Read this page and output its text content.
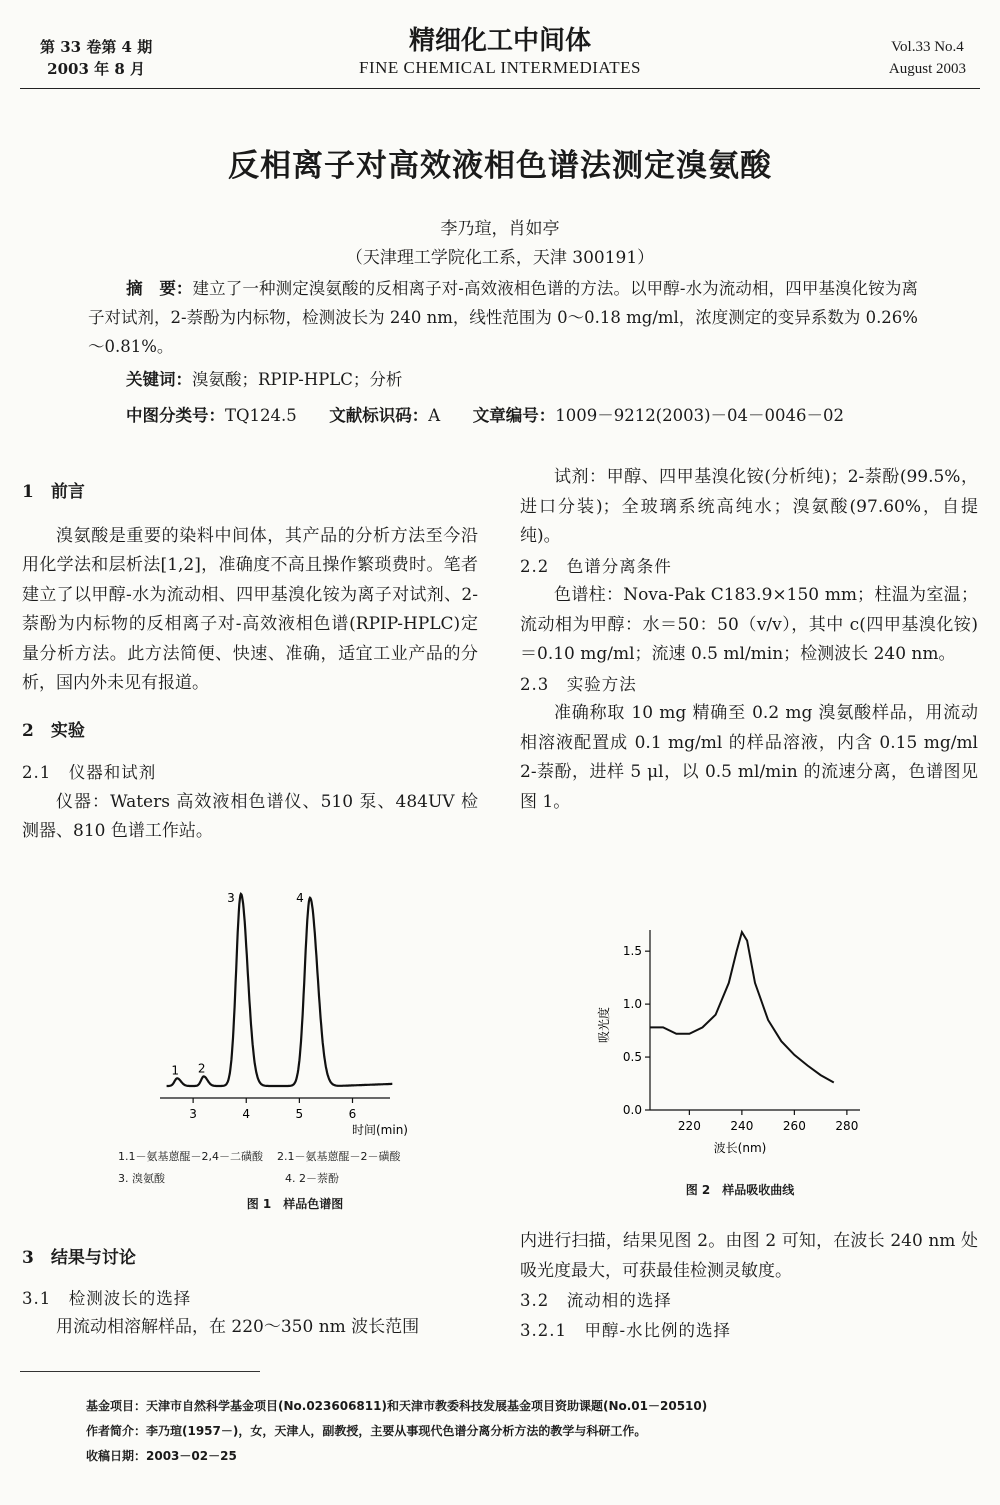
第 33 卷第 4 期
2003 年 8 月
精细化工中间体
FINE CHEMICAL INTERMEDIATES
Vol.33 No.4
August 2003
反相离子对高效液相色谱法测定溴氨酸
李乃瑄，肖如亭
（天津理工学院化工系，天津 300191）
摘　要：建立了一种测定溴氨酸的反相离子对-高效液相色谱的方法。以甲醇-水为流动相，四甲基溴化铵为离子对试剂，2-萘酚为内标物，检测波长为 240 nm，线性范围为 0～0.18 mg/ml，浓度测定的变异系数为 0.26%～0.81%。
关键词：溴氨酸；RPIP-HPLC；分析
中图分类号：TQ124.5 文献标识码：A 文章编号：1009－9212(2003)－04－0046－02
1　前言
溴氨酸是重要的染料中间体，其产品的分析方法至今沿用化学法和层析法[1,2]，准确度不高且操作繁琐费时。笔者建立了以甲醇-水为流动相、四甲基溴化铵为离子对试剂、2-萘酚为内标物的反相离子对-高效液相色谱(RPIP-HPLC)定量分析方法。此方法简便、快速、准确，适宜工业产品的分析，国内外未见有报道。
2　实验
2.1　仪器和试剂
仪器：Waters 高效液相色谱仪、510 泵、484UV 检测器、810 色谱工作站。
3	4	5	6
1 2
3	4
时间(min)
1.1－氨基蒽醌－2,4－二磺酸 2.1－氨基蒽醌－2－磺酸
3. 溴氨酸	4. 2－萘酚
图 1　样品色谱图
3　结果与讨论
3.1　检测波长的选择
用流动相溶解样品，在 220～350 nm 波长范围
试剂：甲醇、四甲基溴化铵(分析纯)；2-萘酚(99.5%，进口分装)；全玻璃系统高纯水；溴氨酸(97.60%，自提纯)。
2.2　色谱分离条件
色谱柱：Nova-Pak C183.9×150 mm；柱温为室温；流动相为甲醇：水＝50：50（v/v），其中 c(四甲基溴化铵)＝0.10 mg/ml；流速 0.5 ml/min；检测波长 240 nm。
2.3　实验方法
准确称取 10 mg 精确至 0.2 mg 溴氨酸样品，用流动相溶液配置成 0.1 mg/ml 的样品溶液，内含 0.15 mg/ml 2-萘酚，进样 5 μl，以 0.5 ml/min 的流速分离，色谱图见图 1。
0.0
0.5
1.0
1.5
220 240 260 280
波长(nm)
吸光度
图 2　样品吸收曲线
内进行扫描，结果见图 2。由图 2 可知，在波长 240 nm 处吸光度最大，可获最佳检测灵敏度。
3.2　流动相的选择
3.2.1　甲醇-水比例的选择
基金项目：天津市自然科学基金项目(No.023606811)和天津市教委科技发展基金项目资助课题(No.01－20510)
作者简介：李乃瑄(1957－)，女，天津人，副教授，主要从事现代色谱分离分析方法的教学与科研工作。
收稿日期：2003－02－25
